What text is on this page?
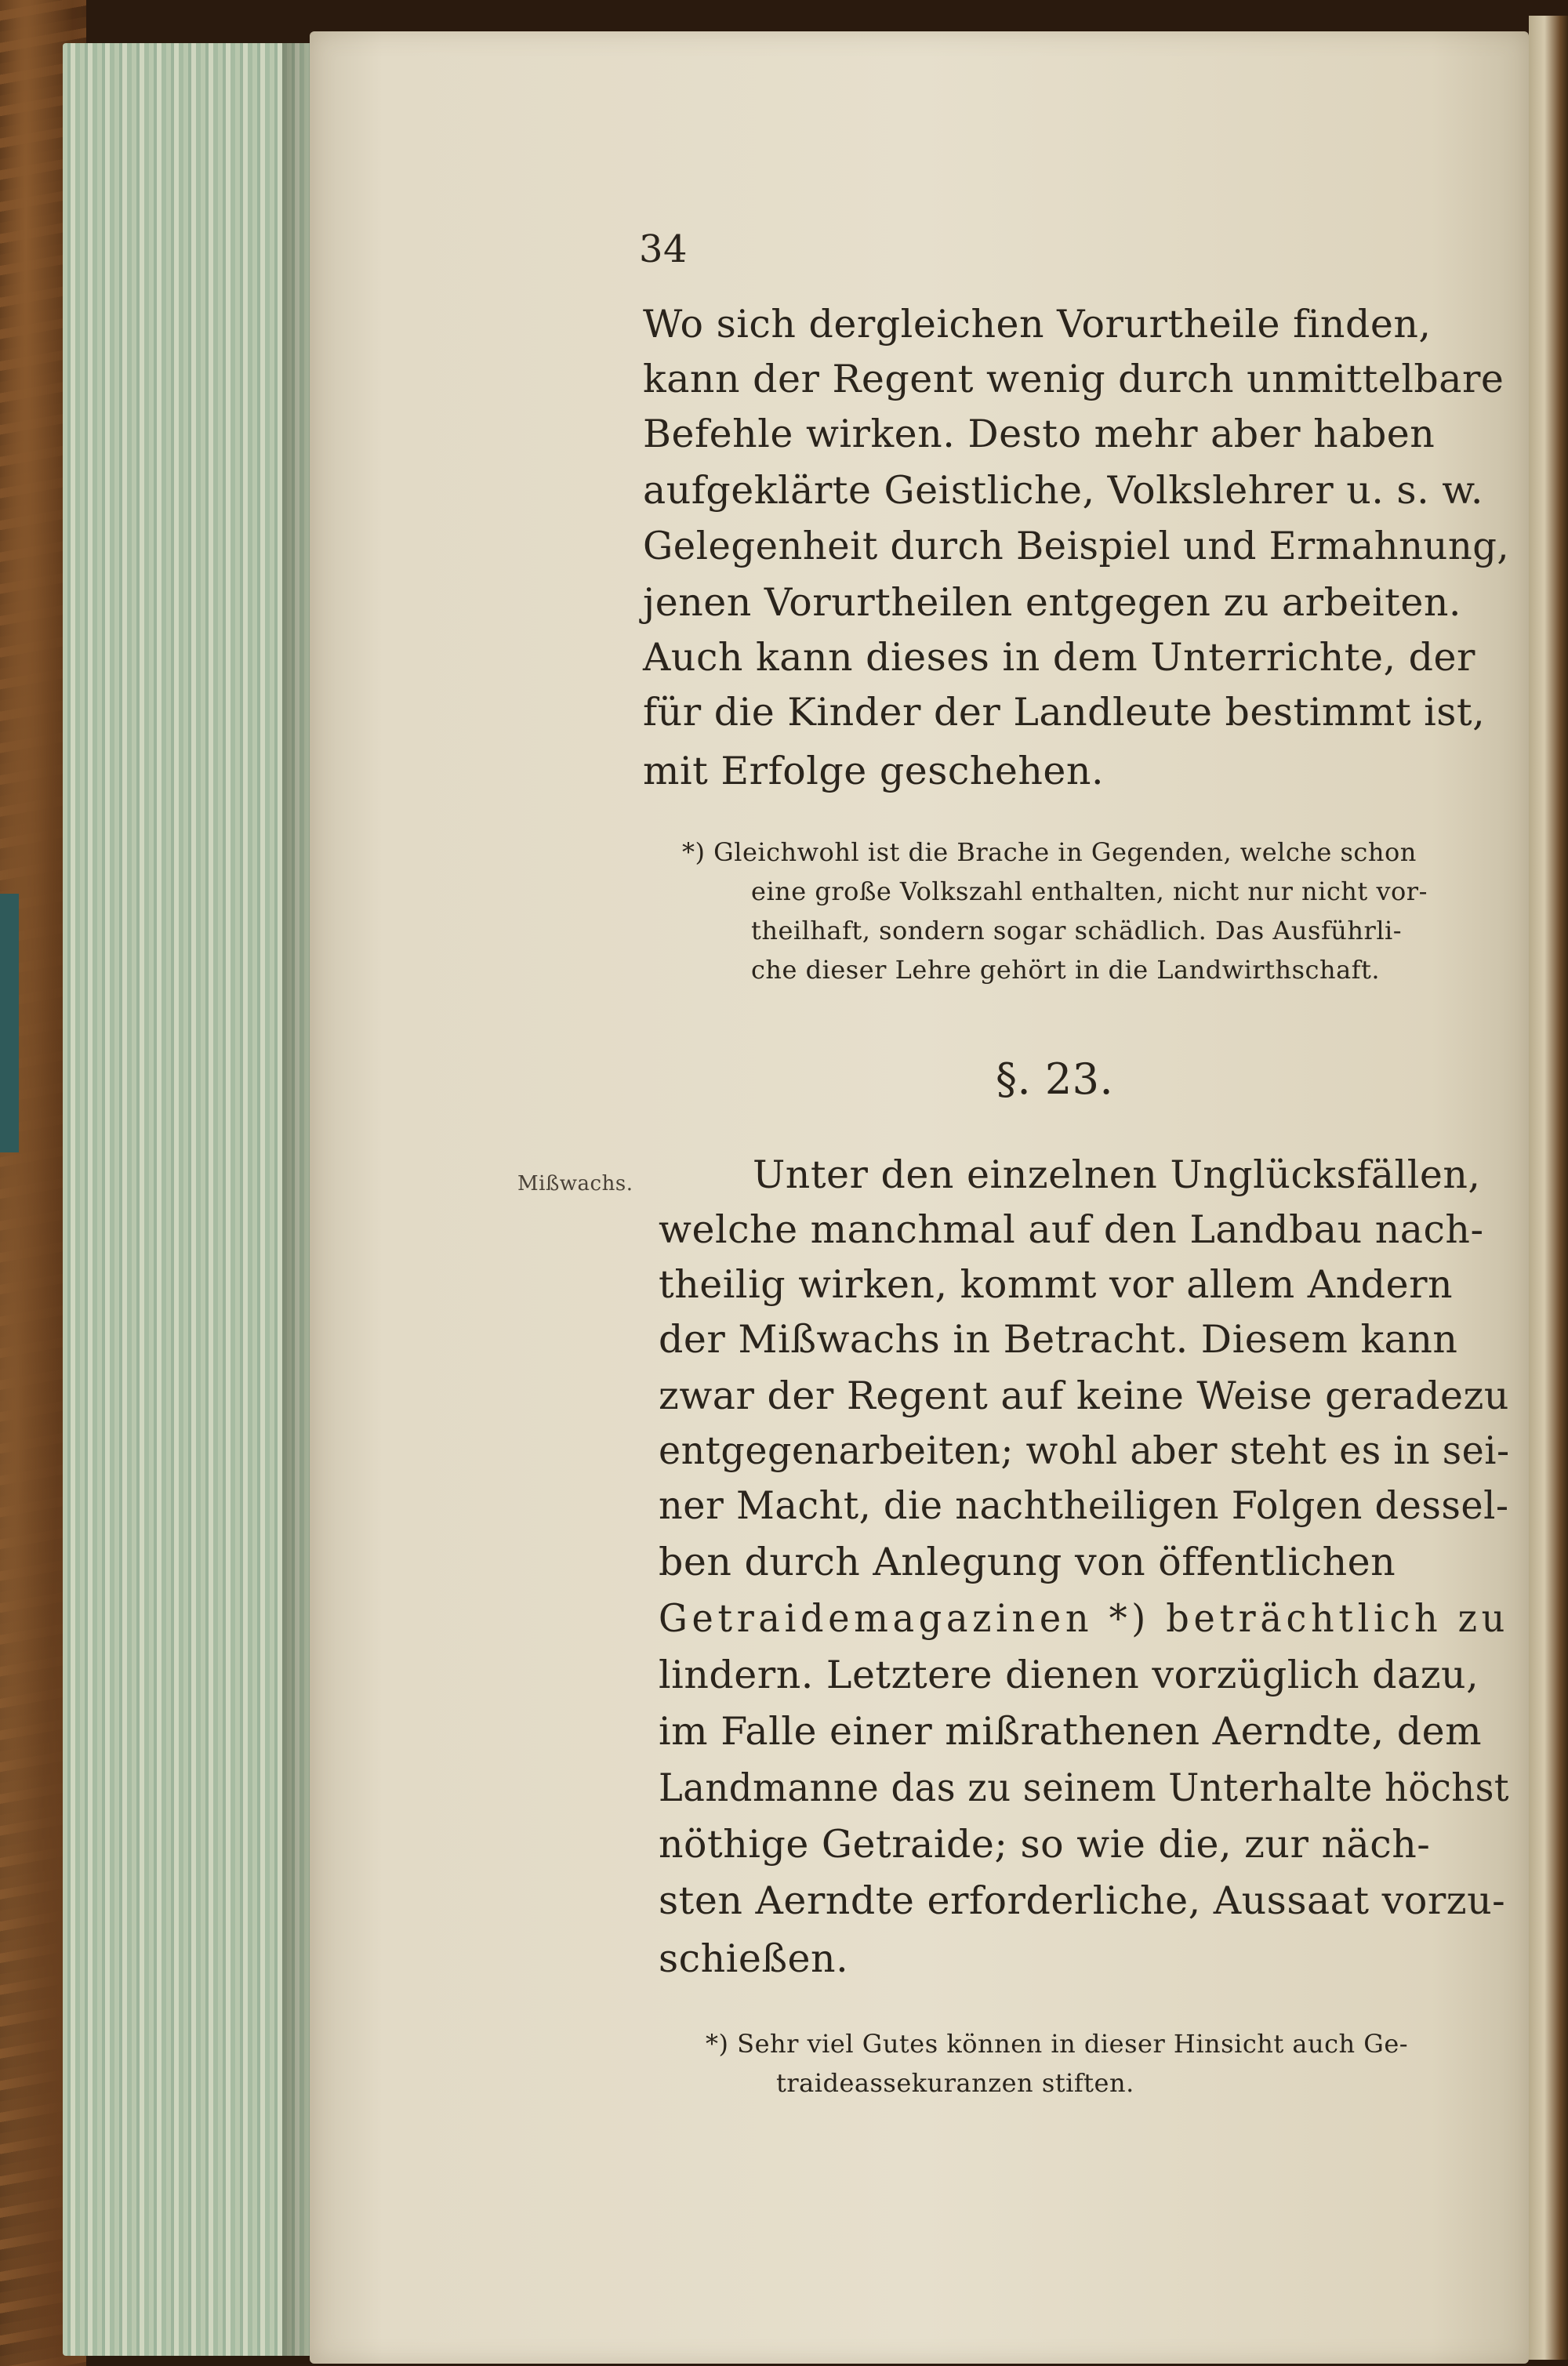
34
Wo sich dergleichen Vorurtheile finden,
kann der Regent wenig durch unmittelbare
Befehle wirken. Desto mehr aber haben
aufgeklärte Geistliche, Volkslehrer u. s. w.
Gelegenheit durch Beispiel und Ermahnung,
jenen Vorurtheilen entgegen zu arbeiten.
Auch kann dieses in dem Unterrichte, der
für die Kinder der Landleute bestimmt ist,
mit Erfolge geschehen.
*) Gleichwohl ist die Brache in Gegenden, welche schon
eine große Volkszahl enthalten, nicht nur nicht vor-
theilhaft, sondern sogar schädlich. Das Ausführli-
che dieser Lehre gehört in die Landwirthschaft.
§. 23.
Mißwachs.	Unter den einzelnen Unglücksfällen,
welche manchmal auf den Landbau nach-
theilig wirken, kommt vor allem Andern
der Mißwachs in Betracht. Diesem kann
zwar der Regent auf keine Weise geradezu
entgegenarbeiten; wohl aber steht es in sei-
ner Macht, die nachtheiligen Folgen dessel-
ben durch Anlegung von öffentlichen
Getraidemagazinen *) beträchtlich zu
lindern. Letztere dienen vorzüglich dazu,
im Falle einer mißrathenen Aerndte, dem
Landmanne das zu seinem Unterhalte höchst
nöthige Getraide; so wie die, zur näch-
sten Aerndte erforderliche, Aussaat vorzu-
schießen.
*) Sehr viel Gutes können in dieser Hinsicht auch Ge-
traideassekuranzen stiften.
